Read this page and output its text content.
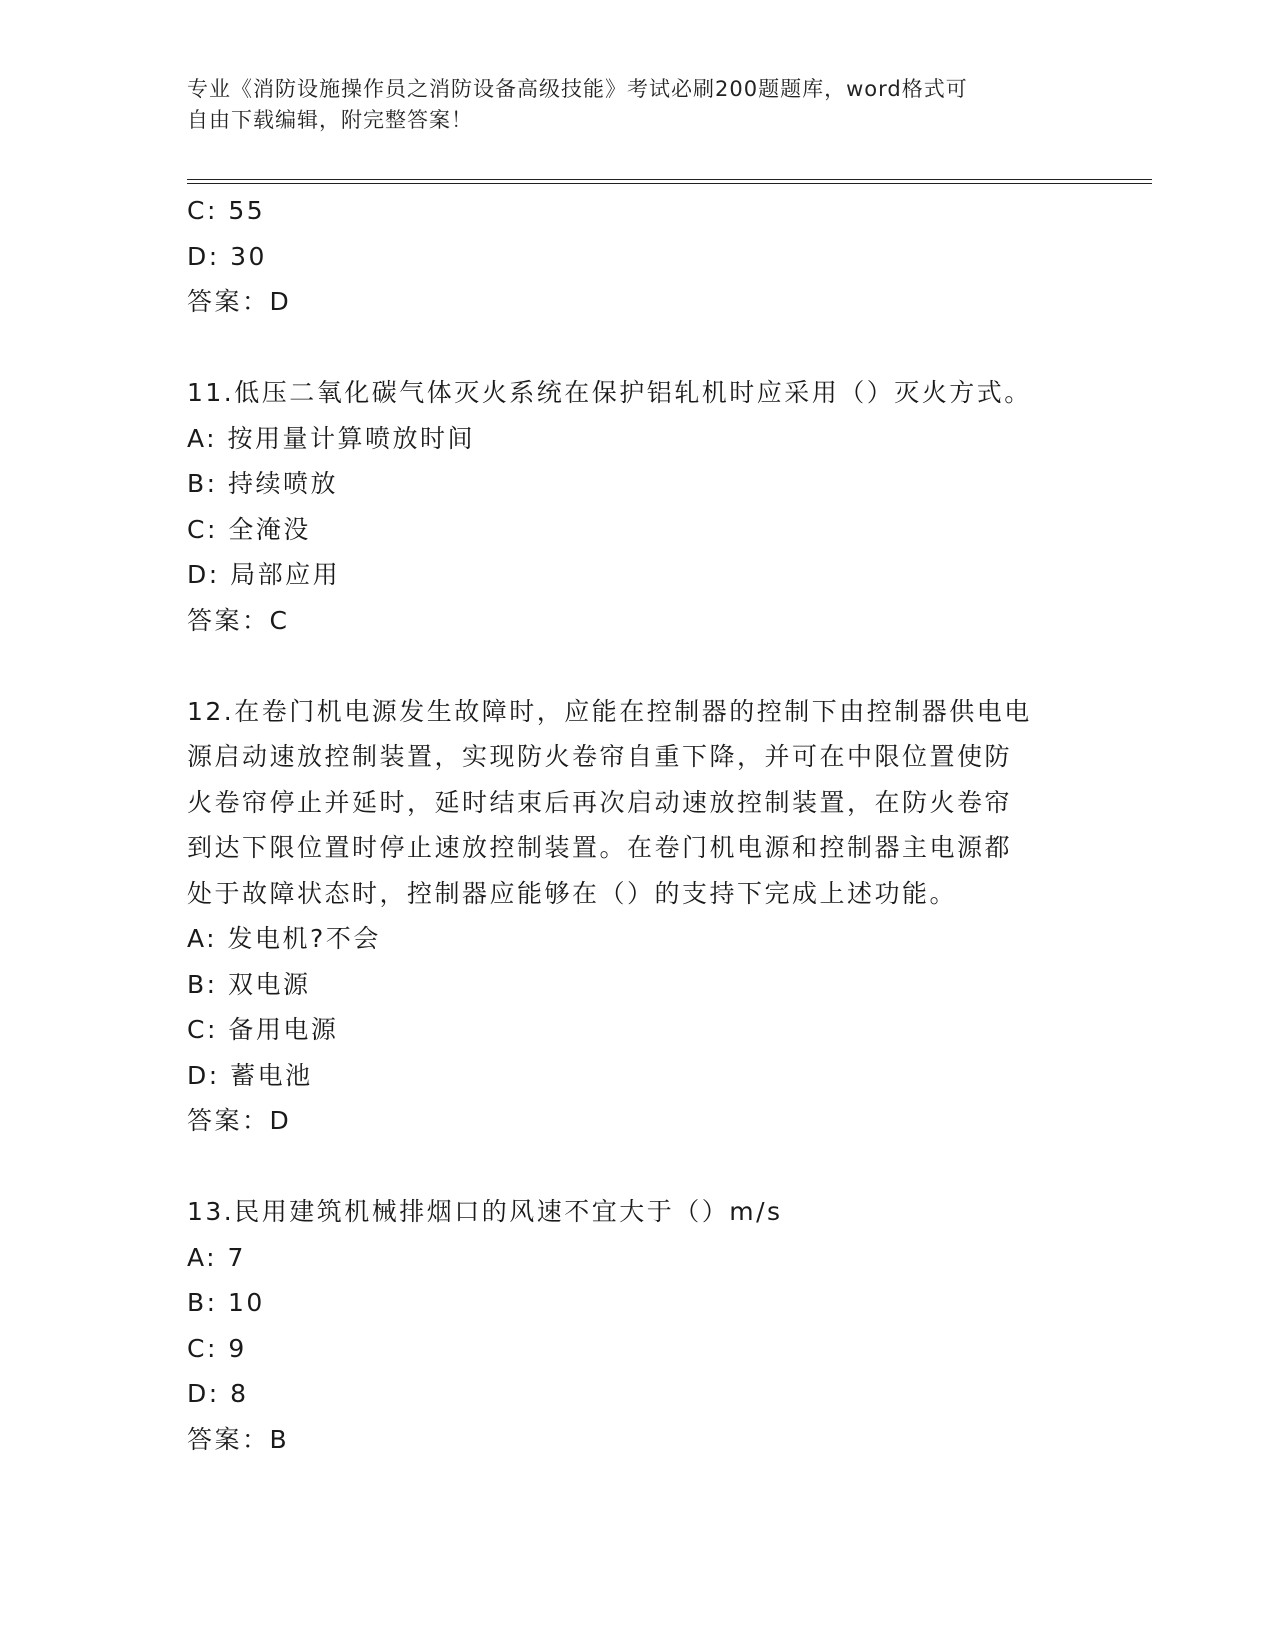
专业《消防设施操作员之消防设备高级技能》考试必刷200题题库，word格式可
自由下载编辑，附完整答案！
C: 55
D: 30
答案：D
11.低压二氧化碳气体灭火系统在保护铝轧机时应采用（）灭火方式。
A: 按用量计算喷放时间
B: 持续喷放
C: 全淹没
D: 局部应用
答案：C
12.在卷门机电源发生故障时，应能在控制器的控制下由控制器供电电
源启动速放控制装置，实现防火卷帘自重下降，并可在中限位置使防
火卷帘停止并延时，延时结束后再次启动速放控制装置，在防火卷帘
到达下限位置时停止速放控制装置。在卷门机电源和控制器主电源都
处于故障状态时，控制器应能够在（）的支持下完成上述功能。
A: 发电机?不会
B: 双电源
C: 备用电源
D: 蓄电池
答案：D
13.民用建筑机械排烟口的风速不宜大于（）m/s
A: 7
B: 10
C: 9
D: 8
答案：B
